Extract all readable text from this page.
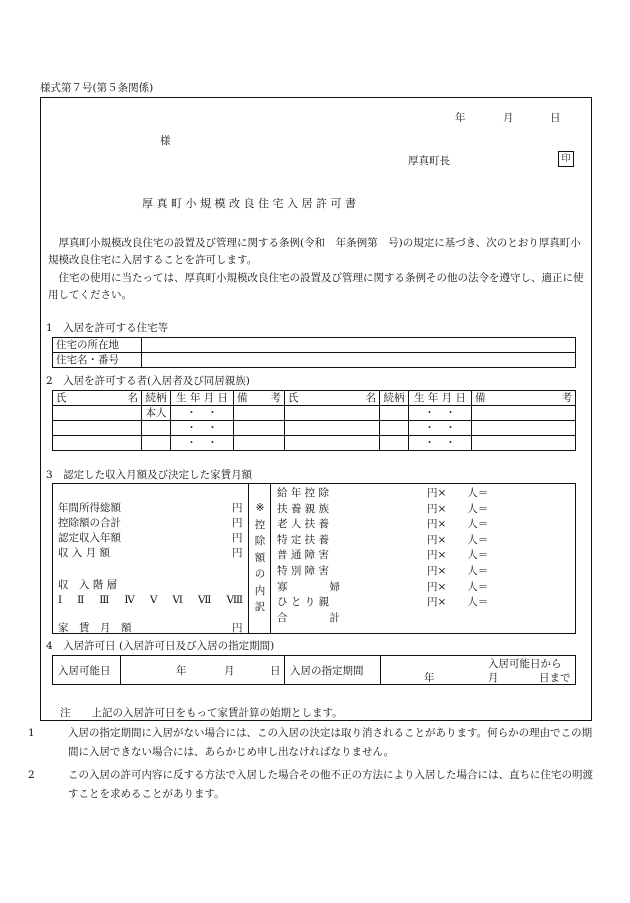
様式第７号(第５条関係)
年	月	日
様
厚真町長	印
厚 真 町 小 規 模 改 良 住 宅 入 居 許 可 書
厚真町小規模改良住宅の設置及び管理に関する条例(令和　年条例第　号)の規定に基づき、次のとおり厚真町小規模改良住宅に入居することを許可します。
住宅の使用に当たっては、厚真町小規模改良住宅の設置及び管理に関する条例その他の法令を遵守し、適正に使用してください。
1　入居を許可する住宅等
住宅の所在地	
住宅名・番号	
2　入居を許可する者(入居者及び同居親族)
氏 名	続柄	生 年 月 日	備 考	氏 名	続柄	生 年 月 日	備 考

	本人	・　・				・　・	
		・　・				・　・	
		・　・				・　・	
3　認定した収入月額及び決定した家賃月額
年間所得総額	円
控除額の合計	円
認定収入年額	円
収 入 月 額	円
収　入 階 層
Ⅰ Ⅱ Ⅲ Ⅳ Ⅴ Ⅵ Ⅶ Ⅷ
家　賃　月　額	円
※
控
除
額
の
内
訳
給 年 控 除	円×　　人＝
扶 養 親 族	円×　　人＝
老 人 扶 養	円×　　人＝
特 定 扶 養	円×　　人＝
普 通 障 害	円×　　人＝
特 別 障 害	円×　　人＝
寡　　　　婦	円×　　人＝
ひ と り 親	円×　　人＝
合　　　　計
4　入居許可日 (入居許可日及び入居の指定期間)
入居可能日	年	月	日 入居の指定期間
入居可能日から
年	月	日まで
注　　上記の入居許可日をもって家賃計算の始期とします。
1	入居の指定期間に入居がない場合には、この入居の決定は取り消されることがあります。何らかの理由でこの期間に入居できない場合には、あらかじめ申し出なければなりません。
2	この入居の許可内容に反する方法で入居した場合その他不正の方法により入居した場合には、直ちに住宅の明渡すことを求めることがあります。
